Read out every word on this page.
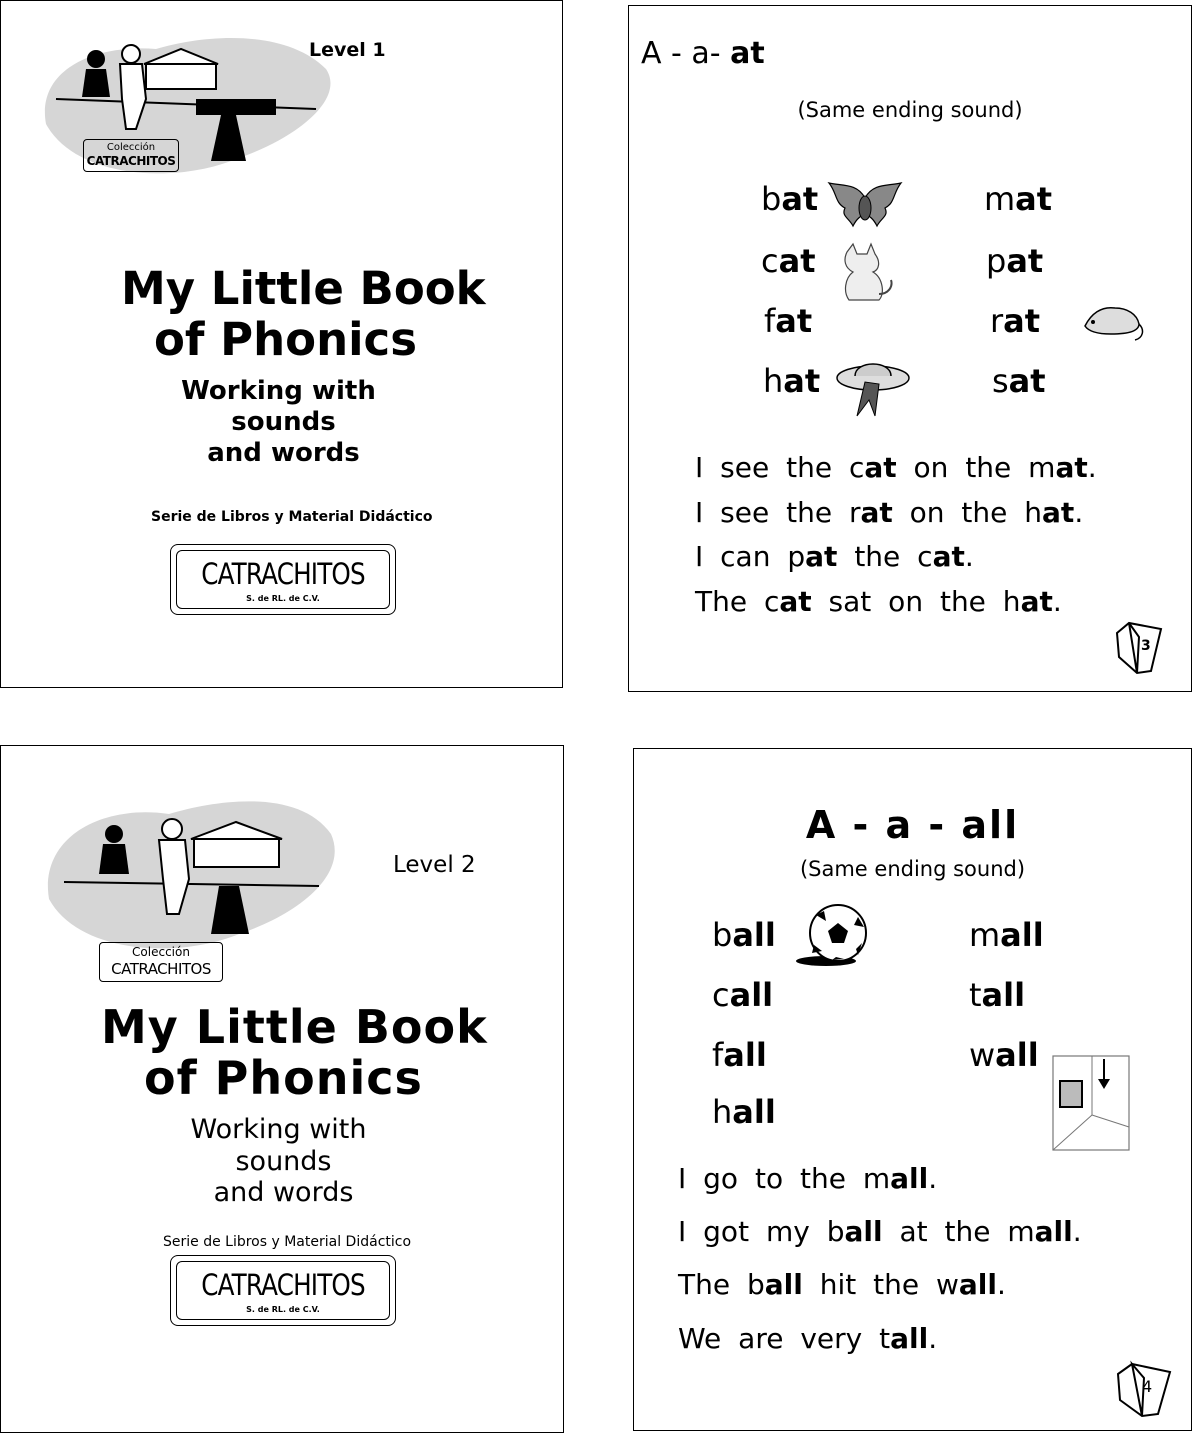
Colección
CATRACHITOS
Level 1
My Little Book
of Phonics
Working with
sounds
and words
Serie de Libros y Material Didáctico
CATRACHITOS
S. de RL. de C.V.
A - a- at
(Same ending sound)
bat
cat
fat
hat
mat
pat
rat
sat
I see the cat on the mat.
I see the rat on the hat.
I can pat the cat.
The cat sat on the hat.
3
Colección
CATRACHITOS
Level 2
My Little Book
of Phonics
Working with
sounds
and words
Serie de Libros y Material Didáctico
CATRACHITOS
S. de RL. de C.V.
A - a - all
(Same ending sound)
ball
call
fall
hall
mall
tall
wall
I go to the mall.
I got my ball at the mall.
The ball hit the wall.
We are very tall.
4
